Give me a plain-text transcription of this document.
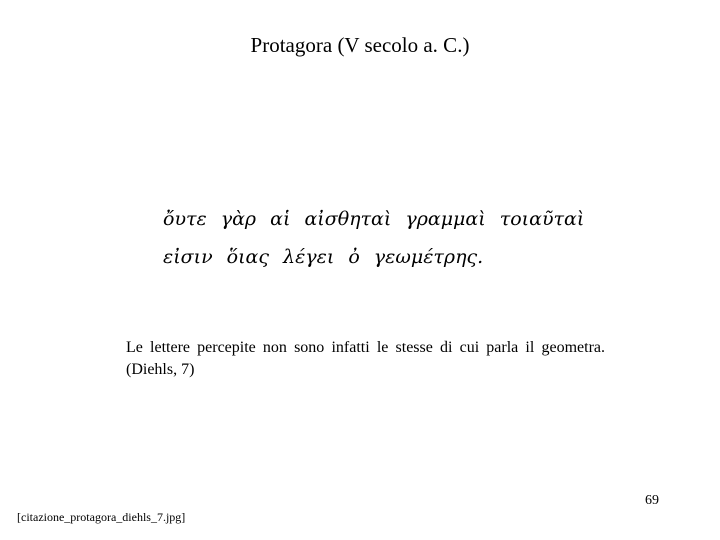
Protagora (V secolo a. C.)
ὄυτε γὰρ αἱ αἰσθηταὶ γραμμαὶ τοιαῦταὶ
εἰσιν ὅιας λέγει ὀ γεωμέτρης.
Le lettere percepite non sono infatti le stesse di cui parla il geometra. (Diehls, 7)
69
[citazione_protagora_diehls_7.jpg]
